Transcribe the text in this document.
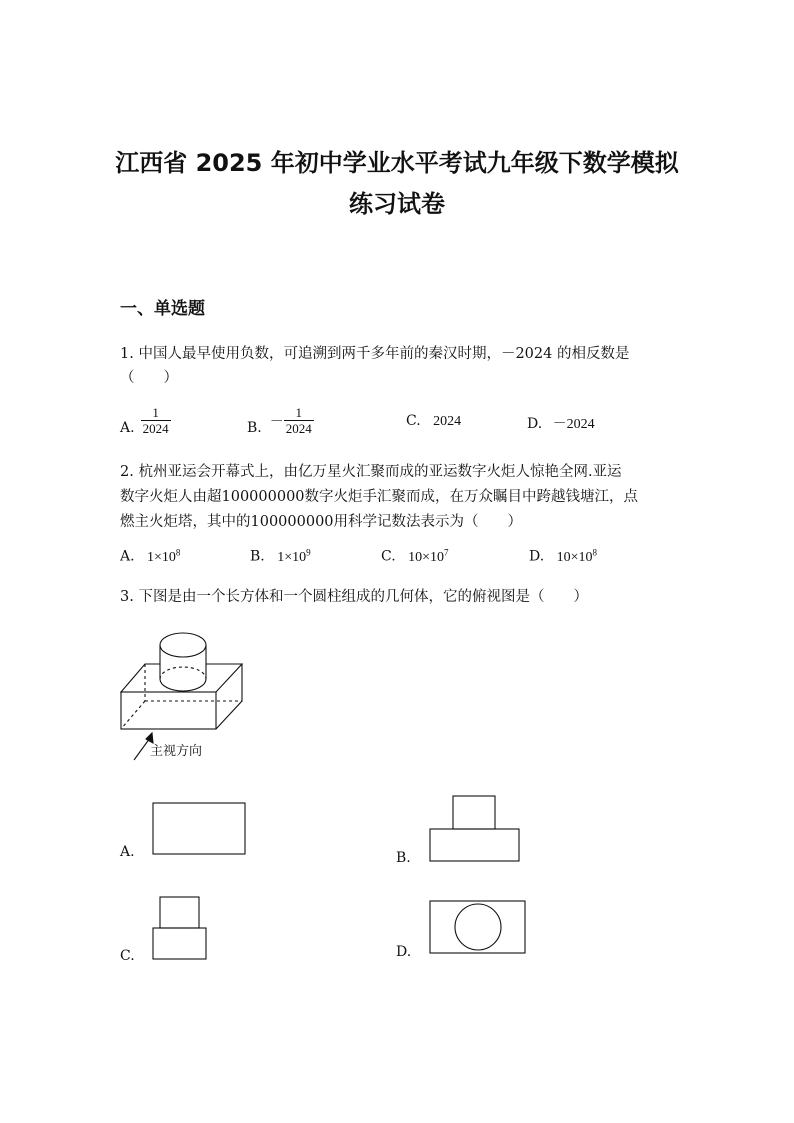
江西省 2025 年初中学业水平考试九年级下数学模拟
练习试卷
一、单选题
1. 中国人最早使用负数，可追溯到两千多年前的秦汉时期，－2024 的相反数是
（　　）
A. $\frac{1}{2024}$	B. － $\frac{1}{2024}$	C. 2024	D. －2024
2. 杭州亚运会开幕式上，由亿万星火汇聚而成的亚运数字火炬人惊艳全网.亚运
数字火炬人由超100000000数字火炬手汇聚而成，在万众瞩目中跨越钱塘江，点
燃主火炬塔，其中的100000000用科学记数法表示为（　　）
A. $1\times 10^8$	B. $1\times 10^9$	C. $10\times 10^7$	D. $10\times 10^8$
3. 下图是由一个长方体和一个圆柱组成的几何体，它的俯视图是（　　）
主视方向
A.	B.
C.	D.
